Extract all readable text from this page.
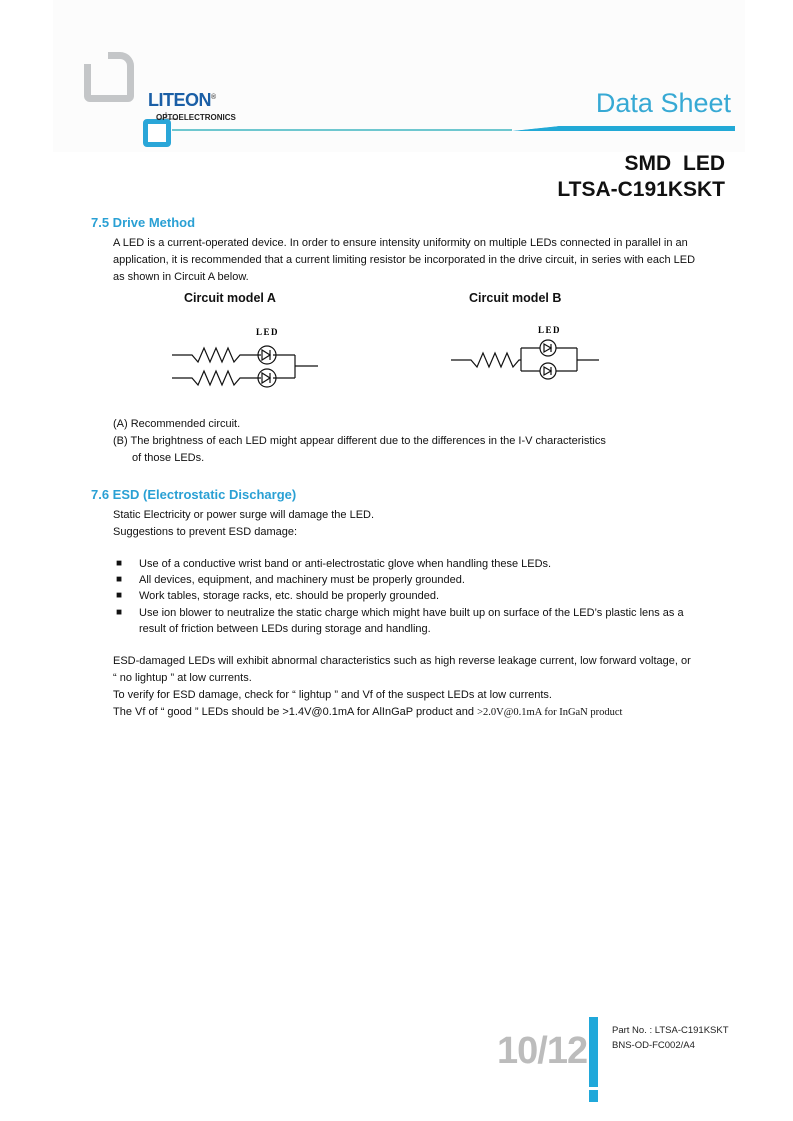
LITEON®
OPTOELECTRONICS	Data Sheet
SMD LED
LTSA-C191KSKT
7.5 Drive Method
A LED is a current-operated device. In order to ensure intensity uniformity on multiple LEDs connected in parallel in an
application, it is recommended that a current limiting resistor be incorporated in the drive circuit, in series with each LED
as shown in Circuit A below.
Circuit model A	Circuit model B
LED	LED
(A) Recommended circuit.
(B) The brightness of each LED might appear different due to the differences in the I-V characteristics
of those LEDs.
7.6 ESD (Electrostatic Discharge)
Static Electricity or power surge will damage the LED.
Suggestions to prevent ESD damage:
■ Use of a conductive wrist band or anti-electrostatic glove when handling these LEDs.
■ All devices, equipment, and machinery must be properly grounded.
■ Work tables, storage racks, etc. should be properly grounded.
■ Use ion blower to neutralize the static charge which might have built up on surface of the LED’s plastic lens as a
result of friction between LEDs during storage and handling.
ESD-damaged LEDs will exhibit abnormal characteristics such as high reverse leakage current, low forward voltage, or
“ no lightup ” at low currents.
To verify for ESD damage, check for “ lightup ” and Vf of the suspect LEDs at low currents.
The Vf of “ good ” LEDs should be >1.4V@0.1mA for AlInGaP product and >2.0V@0.1mA for InGaN product
10/12	Part No. : LTSA-C191KSKT
BNS-OD-FC002/A4
